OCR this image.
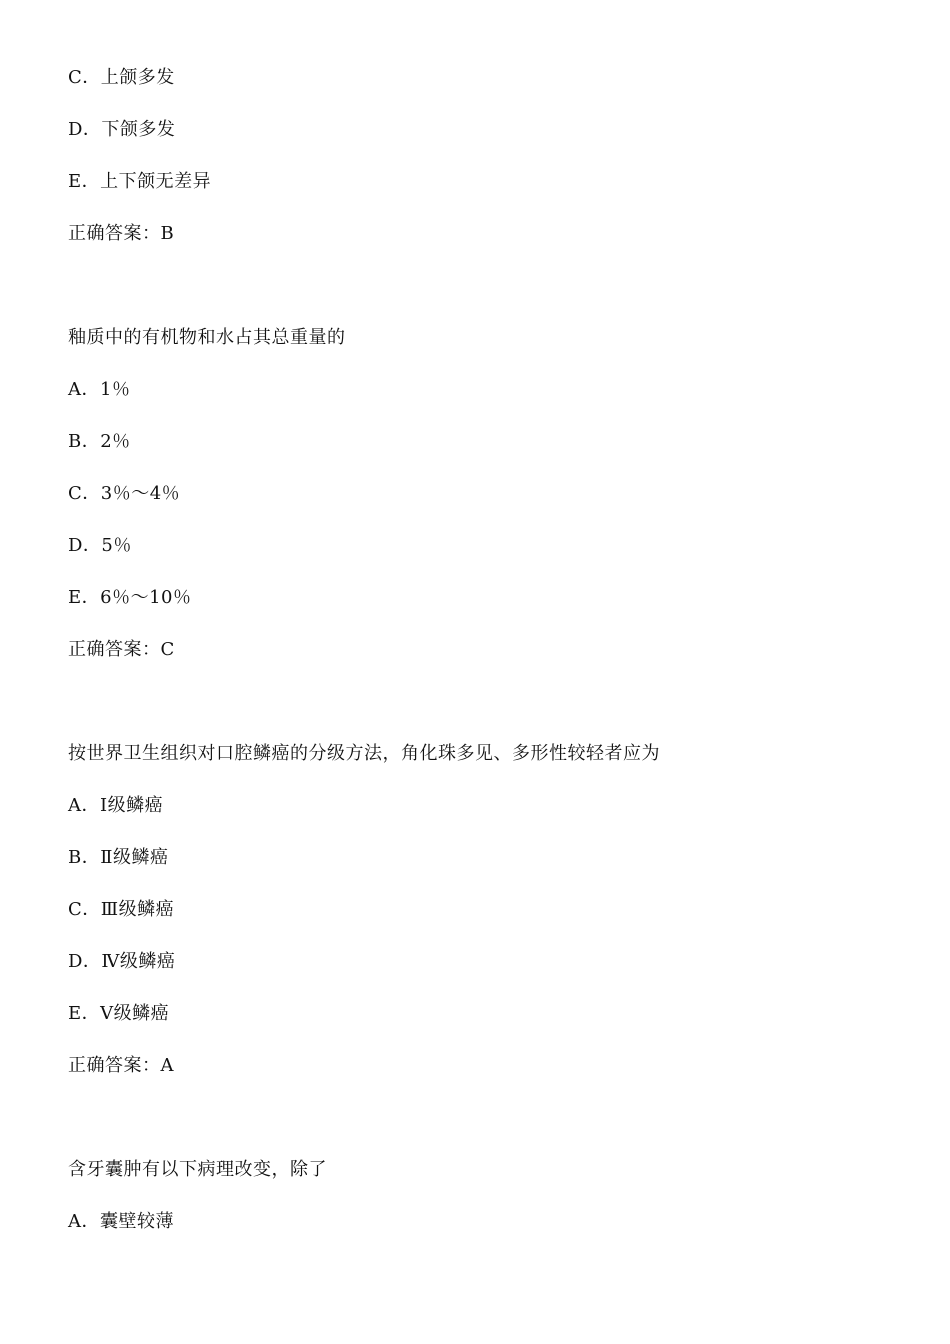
C．上颌多发
D．下颌多发
E．上下颌无差异
正确答案：B
釉质中的有机物和水占其总重量的
A．1％
B．2％
C．3％～4％
D．5％
E．6％～10％
正确答案：C
按世界卫生组织对口腔鳞癌的分级方法，角化珠多见、多形性较轻者应为
A．Ⅰ级鳞癌
B．Ⅱ级鳞癌
C．Ⅲ级鳞癌
D．Ⅳ级鳞癌
E．Ⅴ级鳞癌
正确答案：A
含牙囊肿有以下病理改变，除了
A．囊壁较薄
